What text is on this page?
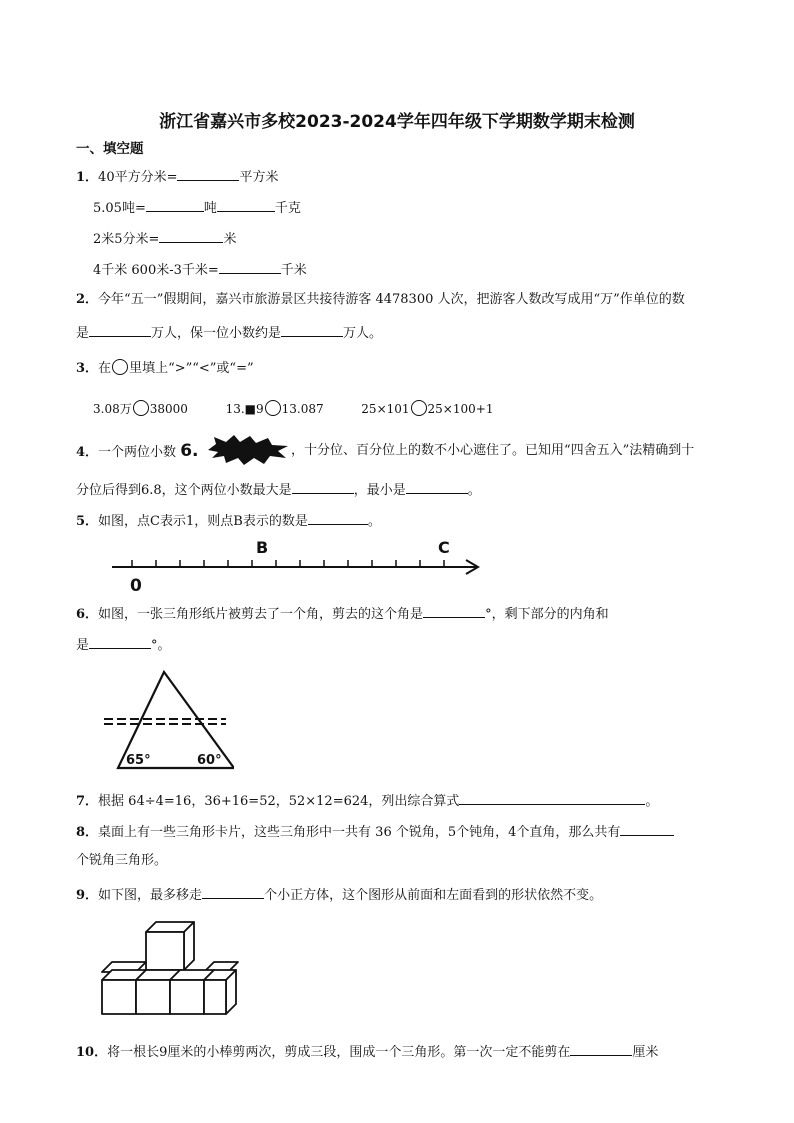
浙江省嘉兴市多校2023-2024学年四年级下学期数学期末检测
一、填空题
1．40平方分米=	平方米
5.05吨=	吨	千克
2米5分米=	米
4千米 600米-3千米=	千米
2．今年“五一”假期间，嘉兴市旅游景区共接待游客 4478300 人次，把游客人数改写成用“万”作单位的数
是	万人，保一位小数约是	万人。
3．在 里填上“>”“<”或“=”
3.08万 38000	13.■9 13.087	25×101 25×100+1
4．一个两位小数 6.	，十分位、百分位上的数不小心遮住了。已知用“四舍五入”法精确到十
分位后得到6.8，这个两位小数最大是	，最小是	。
5．如图，点C表示1，则点B表示的数是	。
B	C
0
6．如图，一张三角形纸片被剪去了一个角，剪去的这个角是	°，剩下部分的内角和
是	°。
65°	60°
7．根据 64÷4=16，36+16=52，52×12=624，列出综合算式	。
8．桌面上有一些三角形卡片，这些三角形中一共有 36 个锐角，5个钝角，4个直角，那么共有
个锐角三角形。
9．如下图，最多移走	个小正方体，这个图形从前面和左面看到的形状依然不变。
10．将一根长9厘米的小棒剪两次，剪成三段，围成一个三角形。第一次一定不能剪在	厘米
